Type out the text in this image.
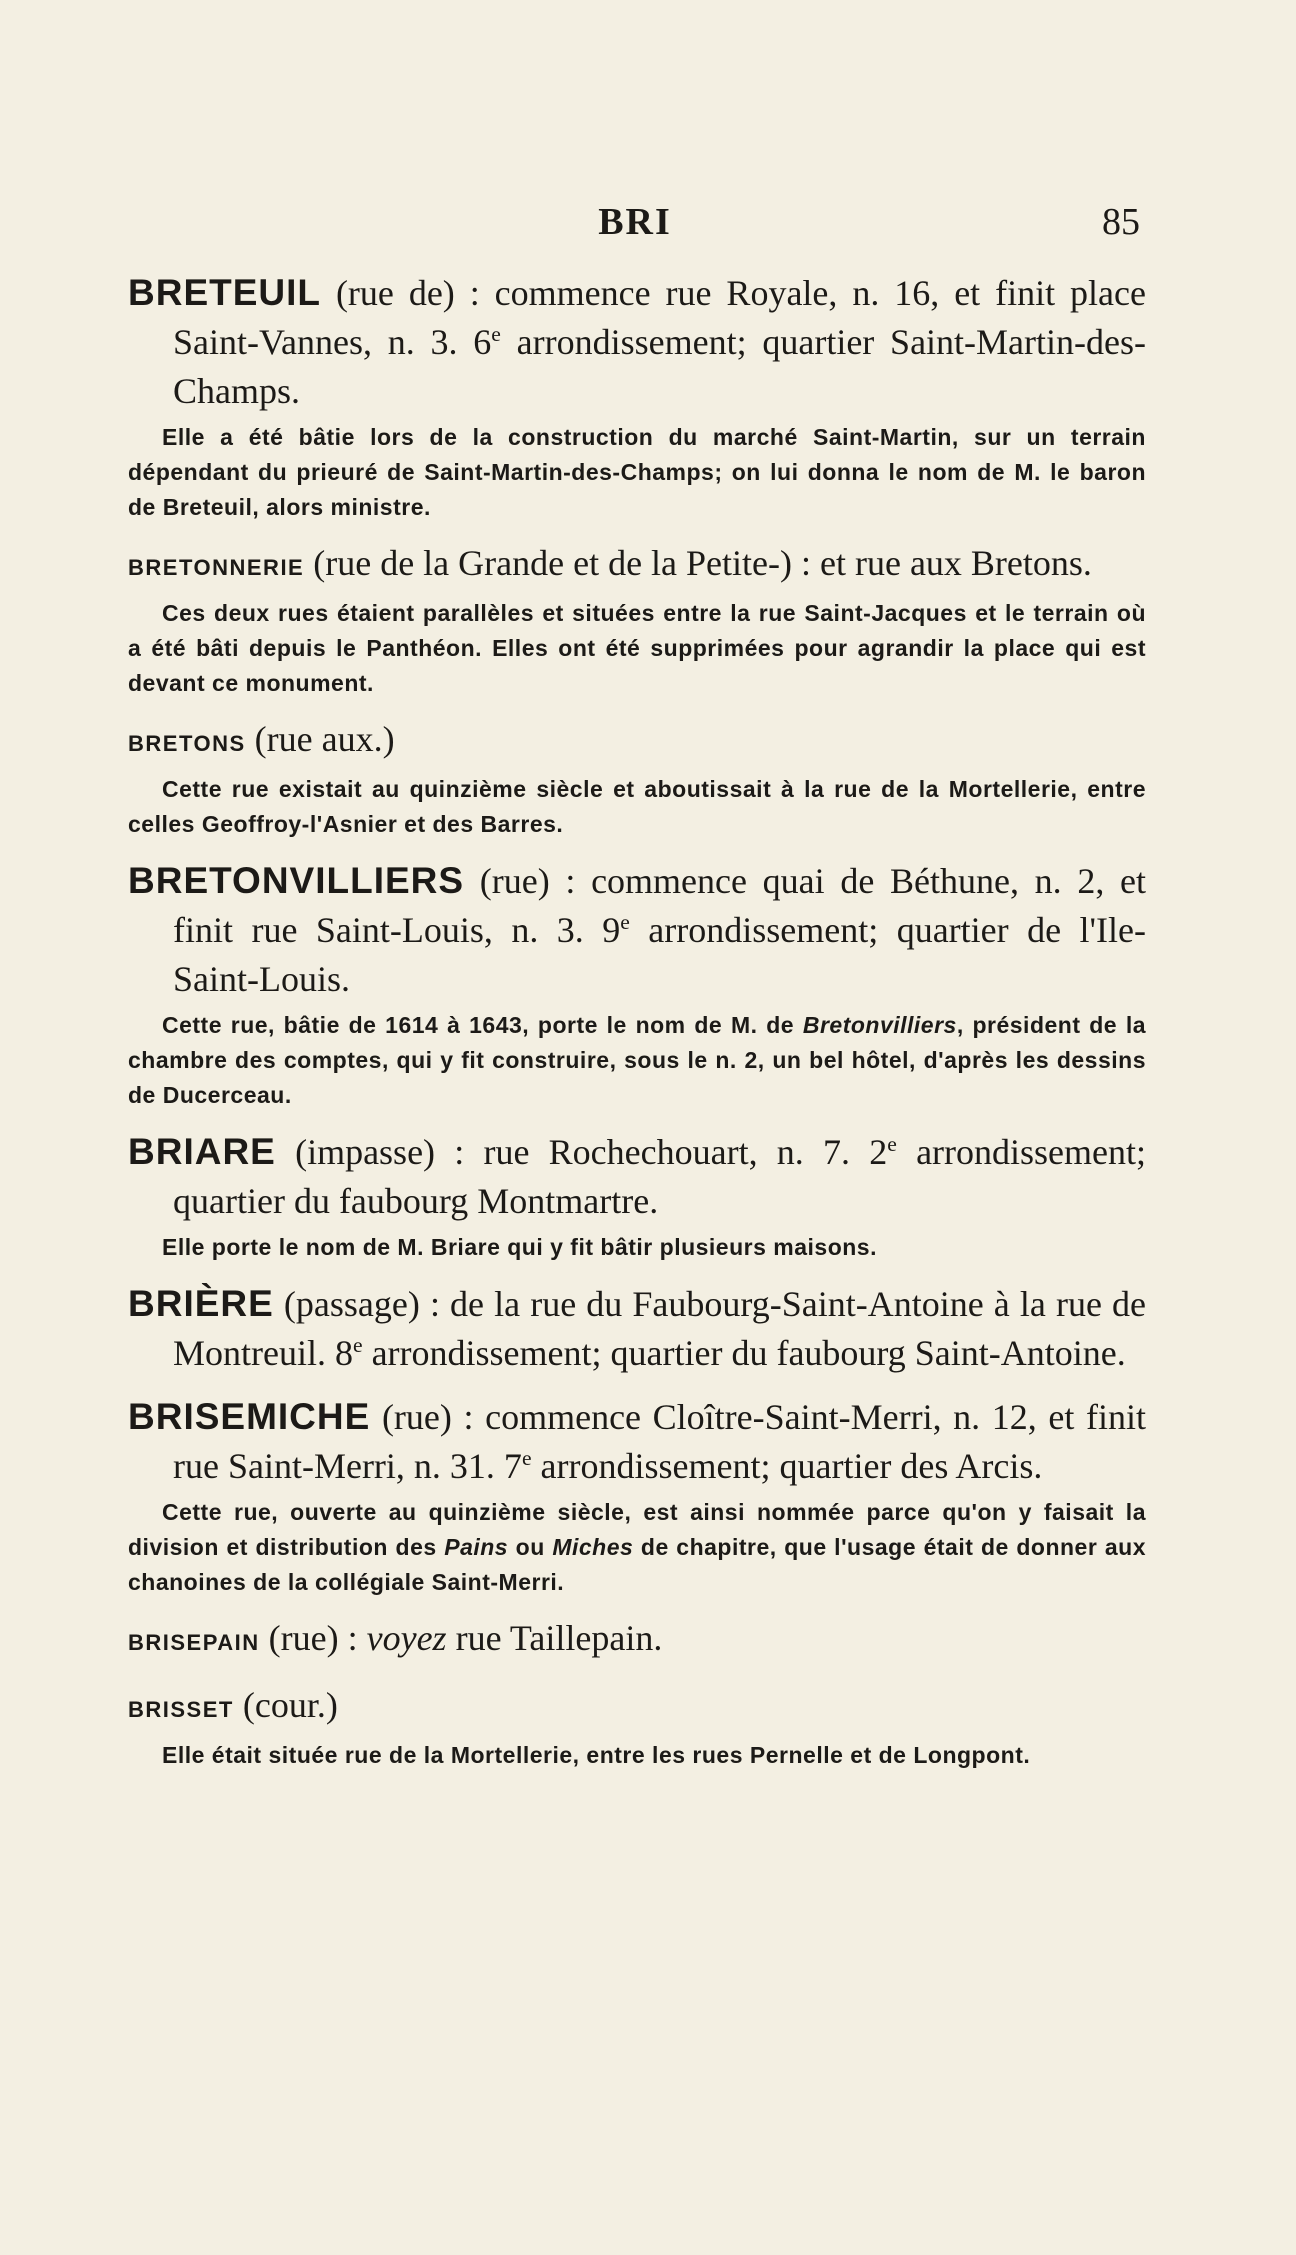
BRI	85

BRETEUIL (rue de) : commence rue Royale, n. 16, et finit place Saint-Vannes, n. 3. 6e arrondissement; quartier Saint-Martin-des-Champs.

Elle a été bâtie lors de la construction du marché Saint-Martin, sur un terrain dépendant du prieuré de Saint-Martin-des-Champs; on lui donna le nom de M. le baron de Breteuil, alors ministre.

BRETONNERIE (rue de la Grande et de la Petite-) : et rue aux Bretons.

Ces deux rues étaient parallèles et situées entre la rue Saint-Jacques et le terrain où a été bâti depuis le Panthéon. Elles ont été supprimées pour agrandir la place qui est devant ce monument.

BRETONS (rue aux.)

Cette rue existait au quinzième siècle et aboutissait à la rue de la Mortellerie, entre celles Geoffroy-l'Asnier et des Barres.

BRETONVILLIERS (rue) : commence quai de Béthune, n. 2, et finit rue Saint-Louis, n. 3. 9e arrondissement; quartier de l'Ile-Saint-Louis.

Cette rue, bâtie de 1614 à 1643, porte le nom de M. de Bretonvilliers, président de la chambre des comptes, qui y fit construire, sous le n. 2, un bel hôtel, d'après les dessins de Ducerceau.

BRIARE (impasse) : rue Rochechouart, n. 7. 2e arrondissement; quartier du faubourg Montmartre.

Elle porte le nom de M. Briare qui y fit bâtir plusieurs maisons.

BRIÈRE (passage) : de la rue du Faubourg-Saint-Antoine à la rue de Montreuil. 8e arrondissement; quartier du faubourg Saint-Antoine.

BRISEMICHE (rue) : commence Cloître-Saint-Merri, n. 12, et finit rue Saint-Merri, n. 31. 7e arrondissement; quartier des Arcis.

Cette rue, ouverte au quinzième siècle, est ainsi nommée parce qu'on y faisait la division et distribution des Pains ou Miches de chapitre, que l'usage était de donner aux chanoines de la collégiale Saint-Merri.

BRISEPAIN (rue) : voyez rue Taillepain.

BRISSET (cour.)

Elle était située rue de la Mortellerie, entre les rues Pernelle et de Longpont.
